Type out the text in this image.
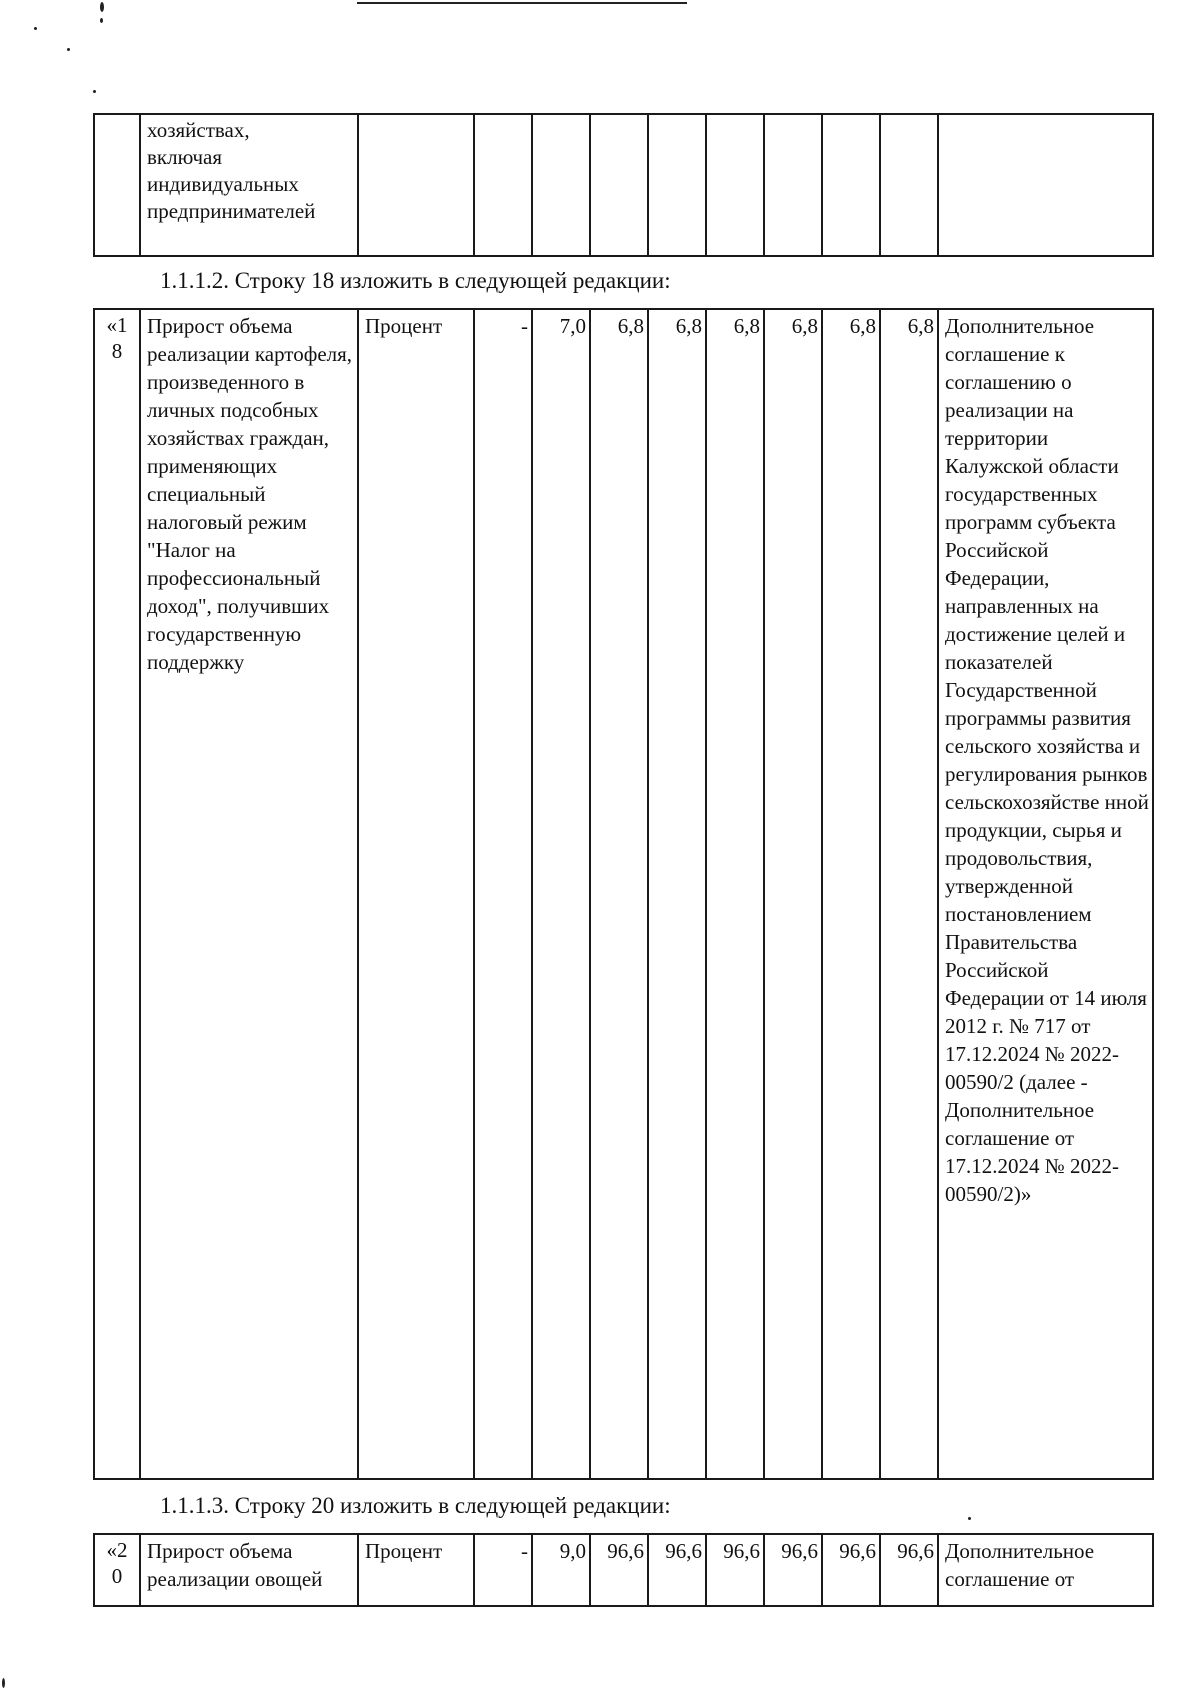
	хозяйствах,
включая
индивидуальных
предпринимателей										
1.1.1.2. Строку 18 изложить в следующей редакции:
«1
8	Прирост объема реализации картофеля, произведенного в личных подсобных хозяйствах граждан, применяющих специальный налоговый режим "Налог на профессиональный доход", получивших государственную поддержку	Процент	-	7,0	6,8	6,8	6,8	6,8	6,8	6,8	Дополнительное соглашение к соглашению о реализации на территории Калужской области государственных программ субъекта Российской Федерации, направленных на достижение целей и показателей Государственной программы развития сельского хозяйства и регулирования рынков сельскохозяйстве нной продукции, сырья и продовольствия, утвержденной постановлением Правительства Российской Федерации от 14 июля 2012 г. № 717 от 17.12.2024 № 2022-00590/2 (далее - Дополнительное соглашение от 17.12.2024 № 2022-00590/2)»
1.1.1.3. Строку 20 изложить в следующей редакции:
«2
0	Прирост объема реализации овощей	Процент	-	9,0	96,6	96,6	96,6	96,6	96,6	96,6	Дополнительное соглашение от
